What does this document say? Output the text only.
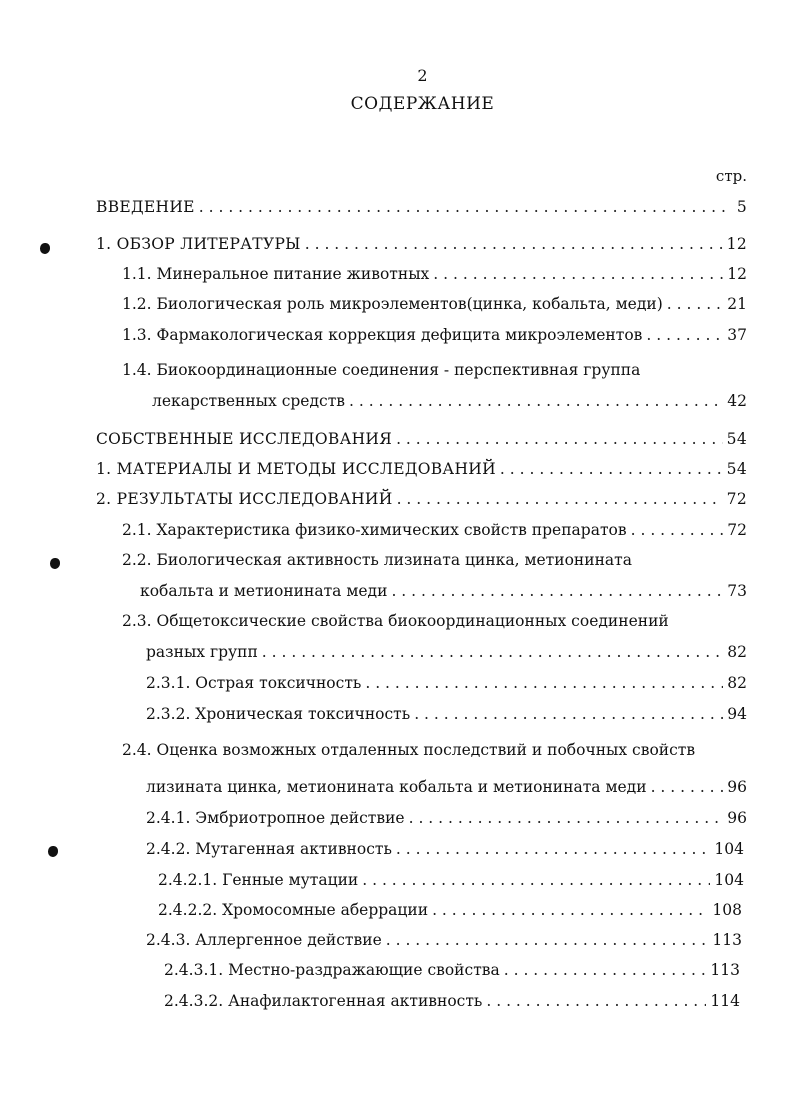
2
СОДЕРЖАНИЕ
стр.
ВВЕДЕНИЕ . . .	5
1. ОБЗОР ЛИТЕРАТУРЫ . . .	12
1.1. Минеральное питание животных . . .	12
1.2. Биологическая роль микроэлементов(цинка, кобальта, меди) . . .	21
1.3. Фармакологическая коррекция дефицита микроэлементов . . .	37
1.4. Биокоординационные соединения - перспективная группа
лекарственных средств . . .	42
СОБСТВЕННЫЕ ИССЛЕДОВАНИЯ . . .	54
1. МАТЕРИАЛЫ И МЕТОДЫ ИССЛЕДОВАНИЙ . . .	54
2. РЕЗУЛЬТАТЫ ИССЛЕДОВАНИЙ . . .	72
2.1. Характеристика физико-химических свойств препаратов . . .	72
2.2. Биологическая активность лизината цинка, метионината
кобальта и метионината меди . . .	73
2.3. Общетоксические свойства биокоординационных соединений
разных групп . . .	82
2.3.1. Острая токсичность . . .	82
2.3.2. Хроническая токсичность . . .	94
2.4. Оценка возможных отдаленных последствий и побочных свойств
лизината цинка, метионината кобальта и метионината меди . . .	96
2.4.1. Эмбриотропное действие . . .	96
2.4.2. Мутагенная активность . . .	104
2.4.2.1. Генные мутации . . .	104
2.4.2.2. Хромосомные аберрации . . .	108
2.4.3. Аллергенное действие . . .	113
2.4.3.1. Местно-раздражающие свойства . . .	113
2.4.3.2. Анафилактогенная активность . . .	114
